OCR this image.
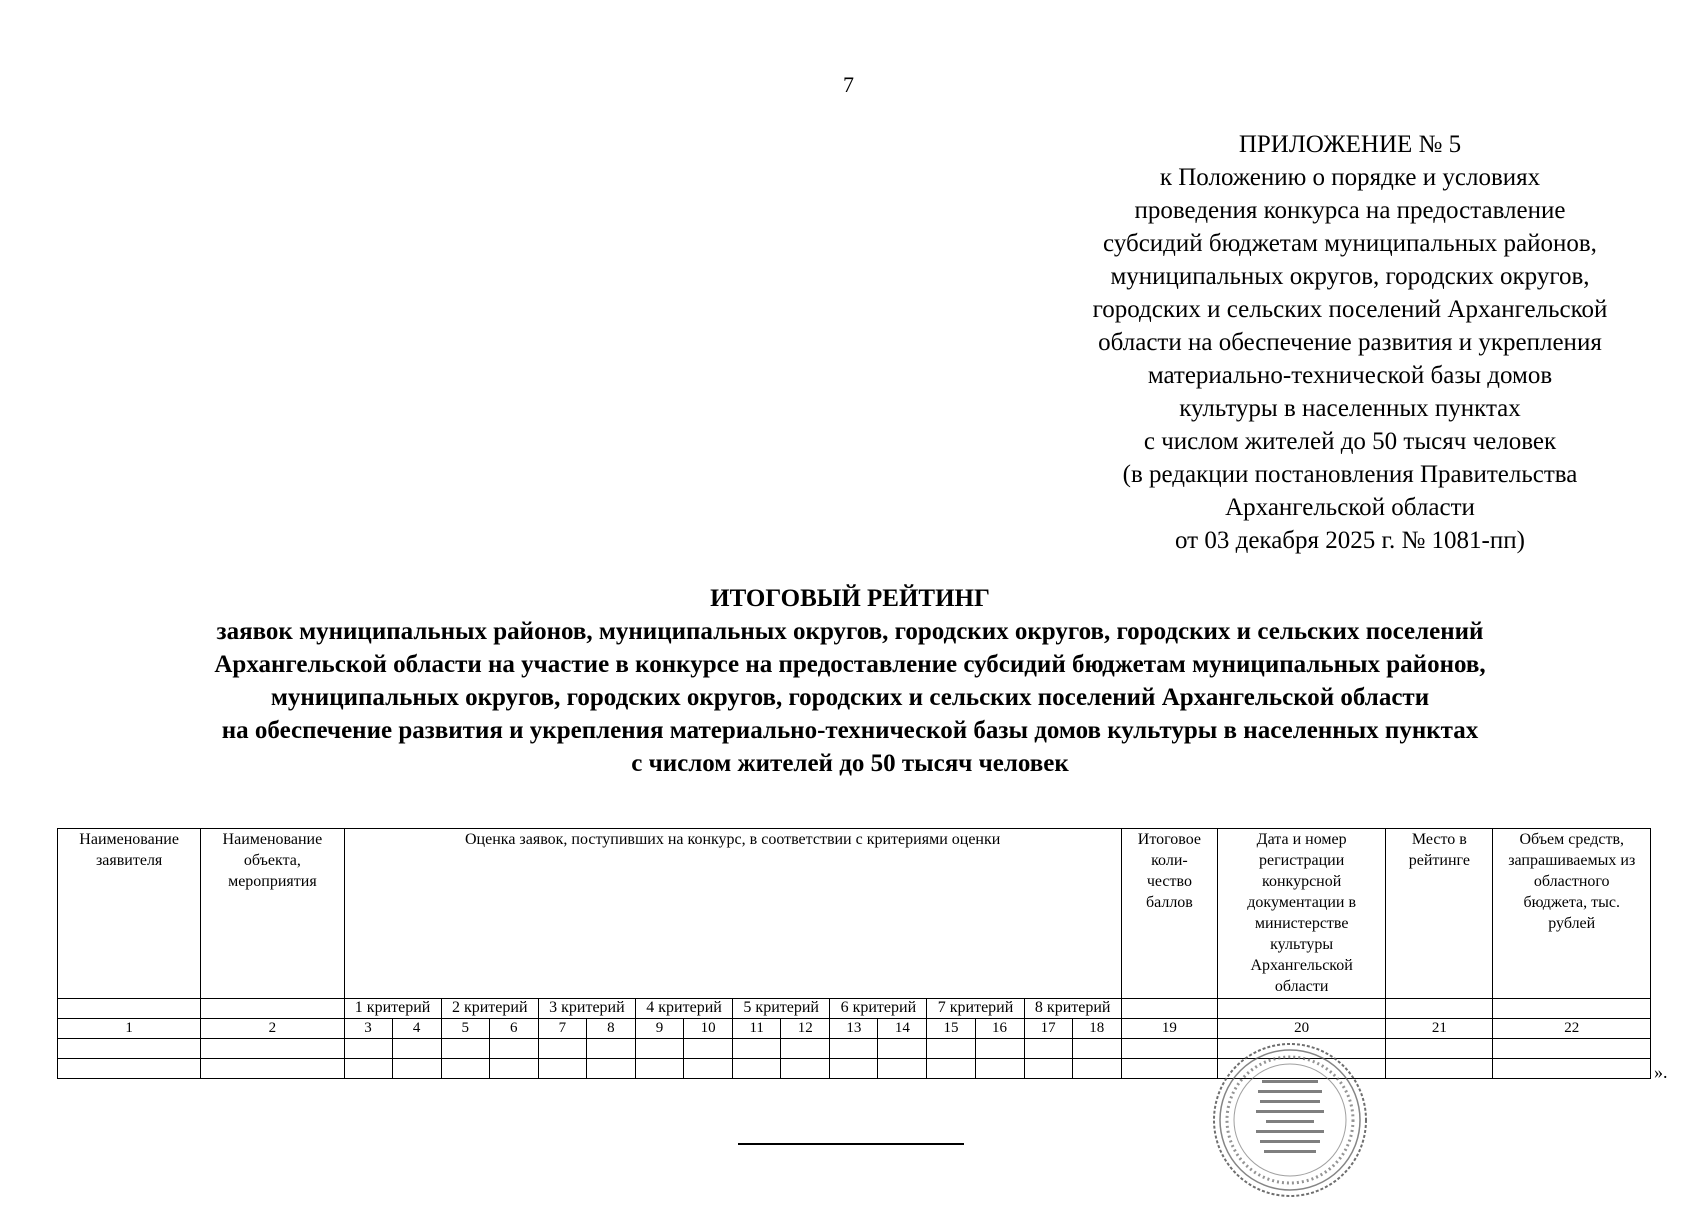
7
ПРИЛОЖЕНИЕ № 5
к Положению о порядке и условиях
проведения конкурса на предоставление
субсидий бюджетам муниципальных районов,
муниципальных округов, городских округов,
городских и сельских поселений Архангельской
области на обеспечение развития и укрепления
материально-технической базы домов
культуры в населенных пунктах
с числом жителей до 50 тысяч человек
(в редакции постановления Правительства
Архангельской области
от 03 декабря 2025 г. № 1081-пп)
ИТОГОВЫЙ РЕЙТИНГ
заявок муниципальных районов, муниципальных округов, городских округов, городских и сельских поселений
Архангельской области на участие в конкурсе на предоставление субсидий бюджетам муниципальных районов,
муниципальных округов, городских округов, городских и сельских поселений Архангельской области
на обеспечение развития и укрепления материально-технической базы домов культуры в населенных пунктах
с числом жителей до 50 тысяч человек
Наименование заявителя	Наименование объекта, мероприятия	Оценка заявок, поступивших на конкурс, в соответствии с критериями оценки																Итоговое коли-чество баллов	Дата и номер регистрации конкурсной документации в министерстве культуры Архангельской области	Место в рейтинге	Объем средств, запрашиваемых из областного бюджета, тыс. рублей
		1 критерий		2 критерий		3 критерий		4 критерий		5 критерий		6 критерий		7 критерий		8 критерий					
1	2	3	4	5	6	7	8	9	10	11	12	13	14	15	16	17	18	19	20	21	22

».
